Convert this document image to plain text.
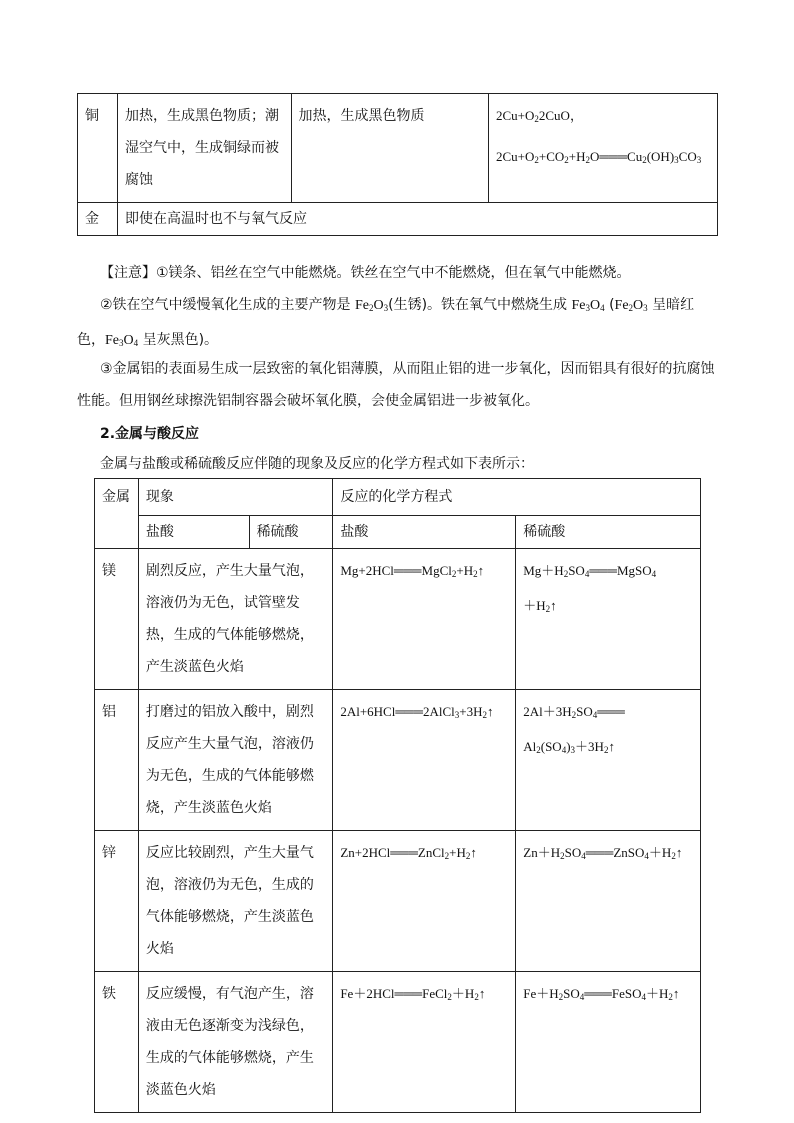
铜	加热，生成黑色物质；潮湿空气中，生成铜绿而被腐蚀	加热，生成黑色物质	$2Cu+O_22CuO$，
$2Cu+O_2+CO_2+H_2O═══Cu_2(OH)_3CO_3$

金	即使在高温时也不与氧气反应		
【注意】①镁条、铝丝在空气中能燃烧。铁丝在空气中不能燃烧，但在氧气中能燃烧。
②铁在空气中缓慢氧化生成的主要产物是 $Fe_2O_3$(生锈)。铁在氧气中燃烧生成 $Fe_3O_4$ ($Fe_2O_3$ 呈暗红色，$Fe_3O_4$ 呈灰黑色)。
③金属铝的表面易生成一层致密的氧化铝薄膜，从而阻止铝的进一步氧化，因而铝具有很好的抗腐蚀性能。但用钢丝球擦洗铝制容器会破坏氧化膜，会使金属铝进一步被氧化。
2.金属与酸反应
金属与盐酸或稀硫酸反应伴随的现象及反应的化学方程式如下表所示：
金属	现象		反应的化学方程式	

	盐酸	稀硫酸	盐酸	稀硫酸

镁	剧烈反应，产生大量气泡，溶液仍为无色，试管壁发热，生成的气体能够燃烧，产生淡蓝色火焰		$Mg+2HCl═══MgCl_2+H_2↑$	$Mg+H_2SO_4═══MgSO_4$
$+H_2↑$

铝	打磨过的铝放入酸中，剧烈反应产生大量气泡，溶液仍为无色，生成的气体能够燃烧，产生淡蓝色火焰		$2Al+6HCl═══2AlCl_3+3H_2↑$	$2Al+3H_2SO_4═══$
$Al_2(SO_4)_3+3H_2↑$

锌	反应比较剧烈，产生大量气泡，溶液仍为无色，生成的气体能够燃烧，产生淡蓝色火焰		$Zn+2HCl═══ZnCl_2+H_2↑$	$Zn+H_2SO_4═══ZnSO_4+H_2↑$

铁	反应缓慢，有气泡产生，溶液由无色逐渐变为浅绿色，生成的气体能够燃烧，产生淡蓝色火焰		$Fe+2HCl═══FeCl_2+H_2↑$	$Fe+H_2SO_4═══FeSO_4+H_2↑$
